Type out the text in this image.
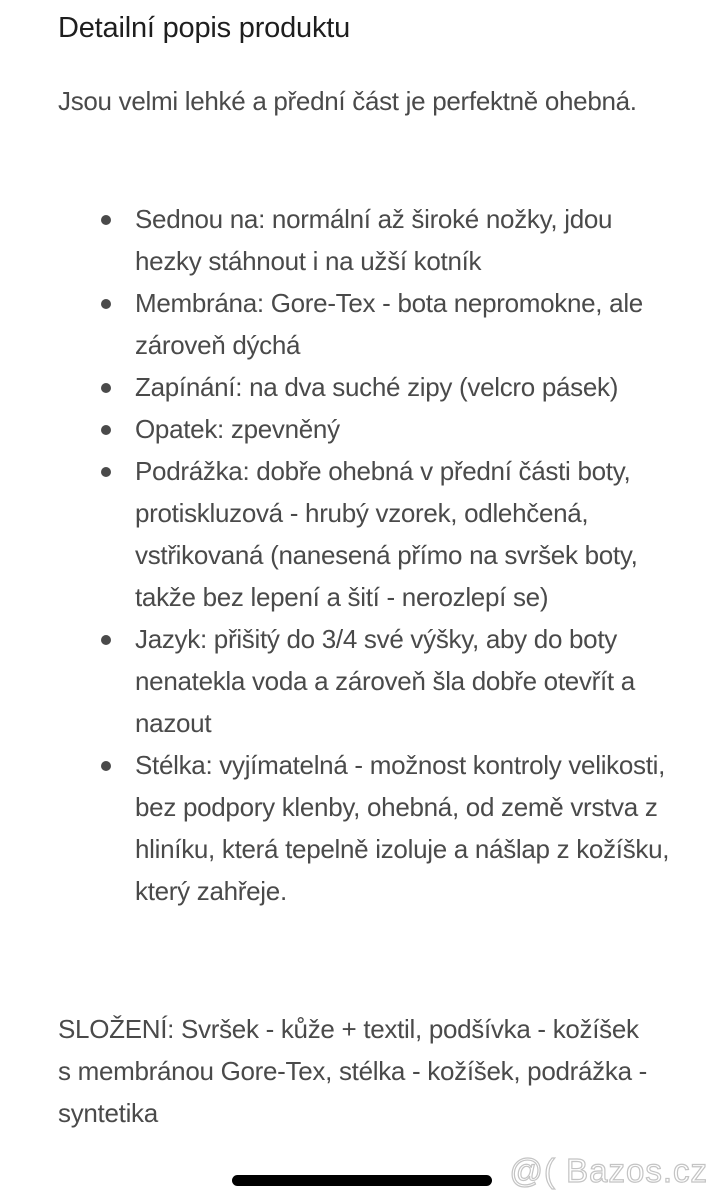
Detailní popis produktu
Jsou velmi lehké a přední část je perfektně ohebná.
Sednou na: normální až široké nožky, jdou hezky stáhnout i na užší kotník
Membrána: Gore-Tex - bota nepromokne, ale zároveň dýchá
Zapínání: na dva suché zipy (velcro pásek)
Opatek: zpevněný
Podrážka: dobře ohebná v přední části boty, protiskluzová - hrubý vzorek, odlehčená, vstřikovaná (nanesená přímo na svršek boty, takže bez lepení a šití - nerozlepí se)
Jazyk: přišitý do 3/4 své výšky, aby do boty nenatekla voda a zároveň šla dobře otevřít a nazout
Stélka: vyjímatelná - možnost kontroly velikosti, bez podpory klenby, ohebná, od země vrstva z hliníku, která tepelně izoluje a nášlap z kožíšku, který zahřeje.
SLOŽENÍ: Svršek - kůže + textil, podšívka - kožíšek s membránou Gore-Tex, stélka - kožíšek, podrážka - syntetika
@( Bazos.cz
